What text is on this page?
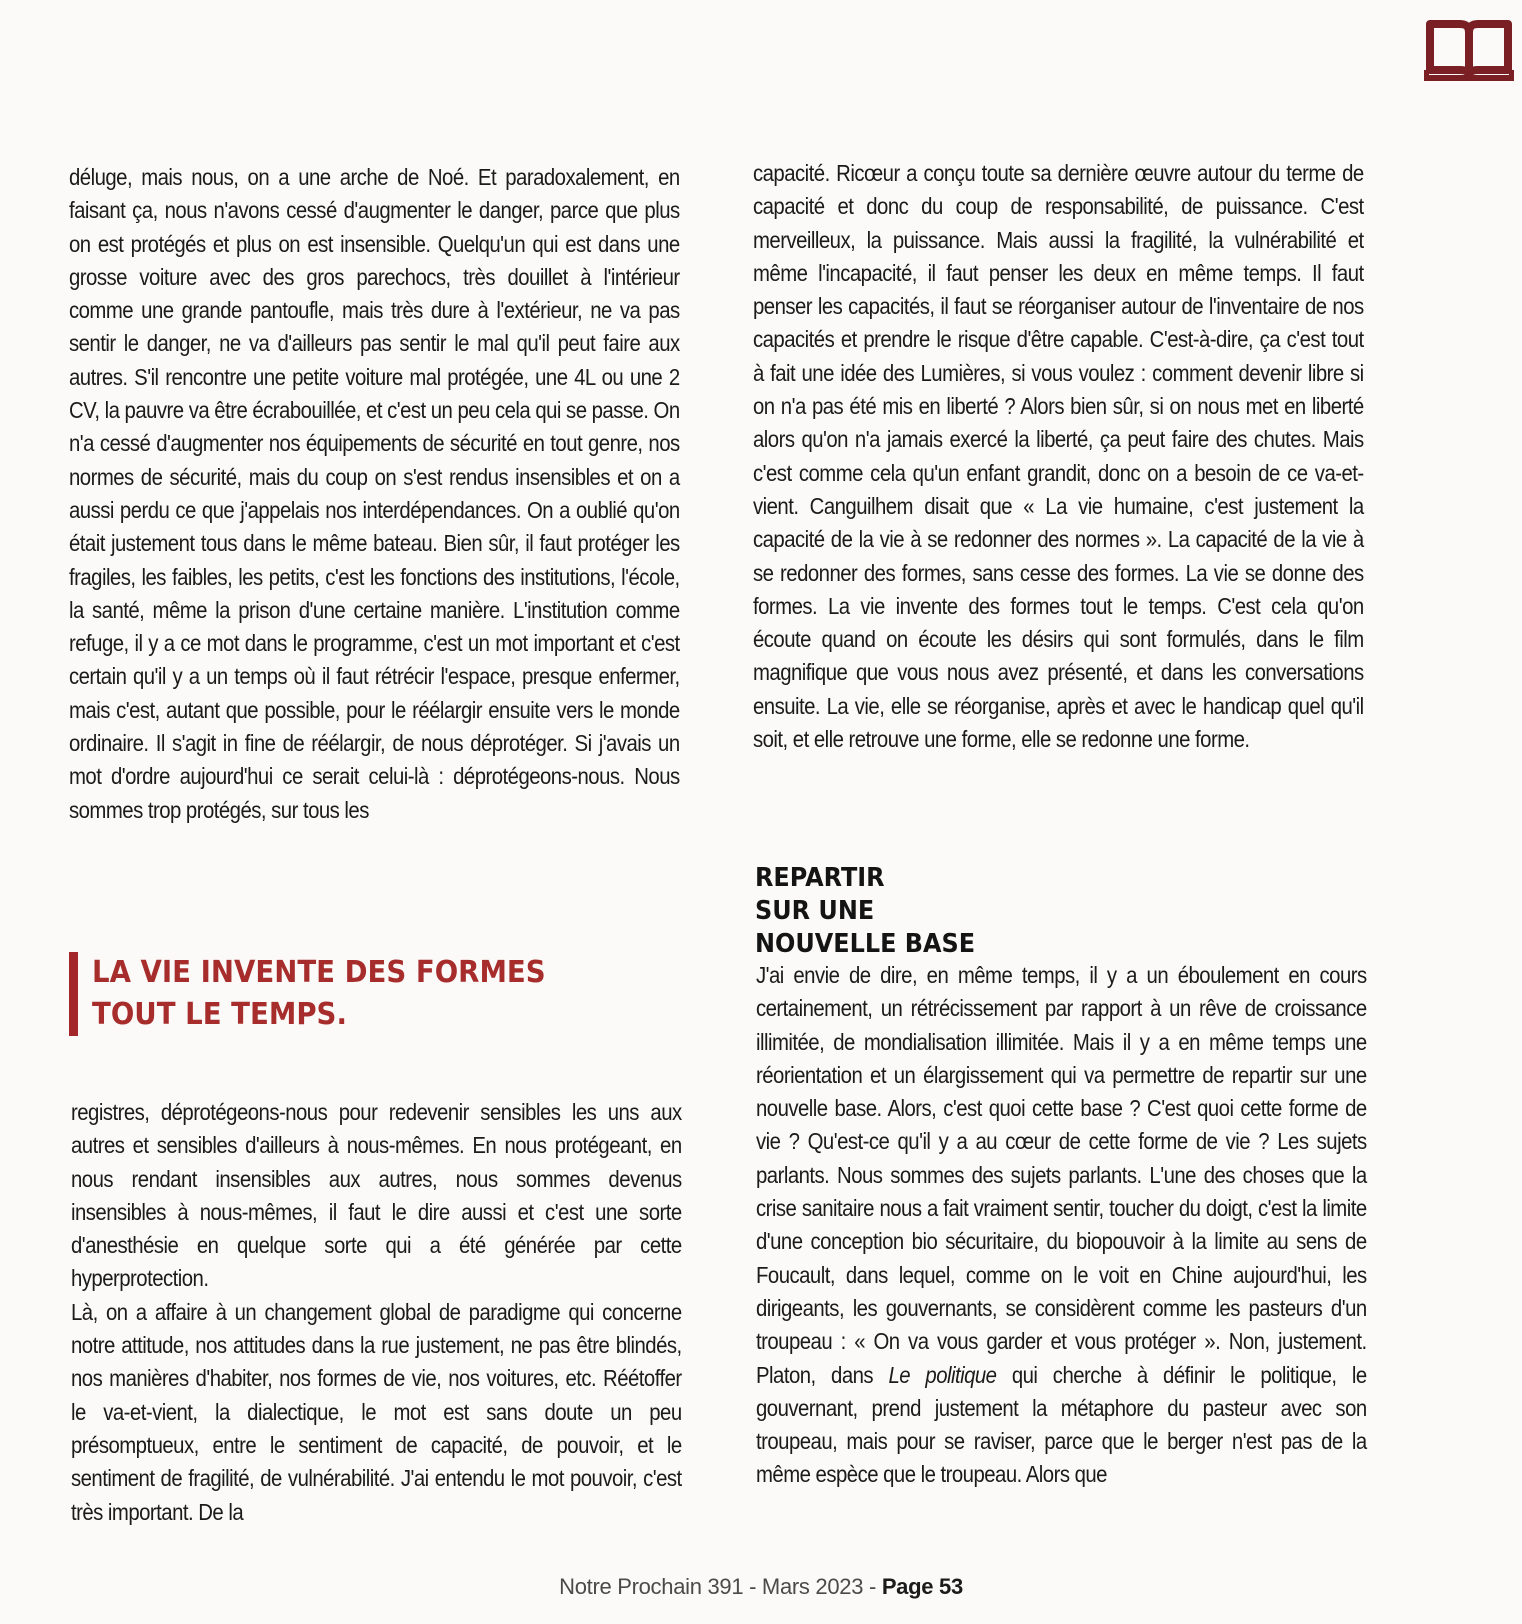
déluge, mais nous, on a une arche de Noé. Et paradoxalement, en faisant ça, nous n'avons cessé d'augmenter le danger, parce que plus on est protégés et plus on est insensible. Quelqu'un qui est dans une grosse voiture avec des gros parechocs, très douillet à l'intérieur comme une grande pantoufle, mais très dure à l'extérieur, ne va pas sentir le danger, ne va d'ailleurs pas sentir le mal qu'il peut faire aux autres. S'il rencontre une petite voiture mal protégée, une 4L ou une 2 CV, la pauvre va être écrabouillée, et c'est un peu cela qui se passe. On n'a cessé d'augmenter nos équipements de sécurité en tout genre, nos normes de sécurité, mais du coup on s'est rendus insensibles et on a aussi perdu ce que j'appelais nos interdépendances. On a oublié qu'on était justement tous dans le même bateau. Bien sûr, il faut protéger les fragiles, les faibles, les petits, c'est les fonctions des institutions, l'école, la santé, même la prison d'une certaine manière. L'institution comme refuge, il y a ce mot dans le programme, c'est un mot important et c'est certain qu'il y a un temps où il faut rétrécir l'espace, presque enfermer, mais c'est, autant que possible, pour le réélargir ensuite vers le monde ordinaire. Il s'agit in fine de réélargir, de nous déprotéger. Si j'avais un mot d'ordre aujourd'hui ce serait celui-là : déprotégeons-nous. Nous sommes trop protégés, sur tous les

LA VIE INVENTE DES FORMES
TOUT LE TEMPS.

registres, déprotégeons-nous pour redevenir sensibles les uns aux autres et sensibles d'ailleurs à nous-mêmes. En nous protégeant, en nous rendant insensibles aux autres, nous sommes devenus insensibles à nous-mêmes, il faut le dire aussi et c'est une sorte d'anesthésie en quelque sorte qui a été générée par cette hyperprotection.

Là, on a affaire à un changement global de paradigme qui concerne notre attitude, nos attitudes dans la rue justement, ne pas être blindés, nos manières d'habiter, nos formes de vie, nos voitures, etc. Réétoffer le va-et-vient, la dialectique, le mot est sans doute un peu présomptueux, entre le sentiment de capacité, de pouvoir, et le sentiment de fragilité, de vulnérabilité. J'ai entendu le mot pouvoir, c'est très important. De la

capacité. Ricœur a conçu toute sa dernière œuvre autour du terme de capacité et donc du coup de responsabilité, de puissance. C'est merveilleux, la puissance. Mais aussi la fragilité, la vulnérabilité et même l'incapacité, il faut penser les deux en même temps. Il faut penser les capacités, il faut se réorganiser autour de l'inventaire de nos capacités et prendre le risque d'être capable. C'est-à-dire, ça c'est tout à fait une idée des Lumières, si vous voulez : comment devenir libre si on n'a pas été mis en liberté ? Alors bien sûr, si on nous met en liberté alors qu'on n'a jamais exercé la liberté, ça peut faire des chutes. Mais c'est comme cela qu'un enfant grandit, donc on a besoin de ce va-et-vient. Canguilhem disait que « La vie humaine, c'est justement la capacité de la vie à se redonner des normes ». La capacité de la vie à se redonner des formes, sans cesse des formes. La vie se donne des formes. La vie invente des formes tout le temps. C'est cela qu'on écoute quand on écoute les désirs qui sont formulés, dans le film magnifique que vous nous avez présenté, et dans les conversations ensuite. La vie, elle se réorganise, après et avec le handicap quel qu'il soit, et elle retrouve une forme, elle se redonne une forme.

REPARTIR
SUR UNE
NOUVELLE BASE

J'ai envie de dire, en même temps, il y a un éboulement en cours certainement, un rétrécissement par rapport à un rêve de croissance illimitée, de mondialisation illimitée. Mais il y a en même temps une réorientation et un élargissement qui va permettre de repartir sur une nouvelle base. Alors, c'est quoi cette base ? C'est quoi cette forme de vie ? Qu'est-ce qu'il y a au cœur de cette forme de vie ? Les sujets parlants. Nous sommes des sujets parlants. L'une des choses que la crise sanitaire nous a fait vraiment sentir, toucher du doigt, c'est la limite d'une conception bio sécuritaire, du biopouvoir à la limite au sens de Foucault, dans lequel, comme on le voit en Chine aujourd'hui, les dirigeants, les gouvernants, se considèrent comme les pasteurs d'un troupeau : « On va vous garder et vous protéger ». Non, justement. Platon, dans Le politique qui cherche à définir le politique, le gouvernant, prend justement la métaphore du pasteur avec son troupeau, mais pour se raviser, parce que le berger n'est pas de la même espèce que le troupeau. Alors que

Notre Prochain 391 - Mars 2023 - Page 53
